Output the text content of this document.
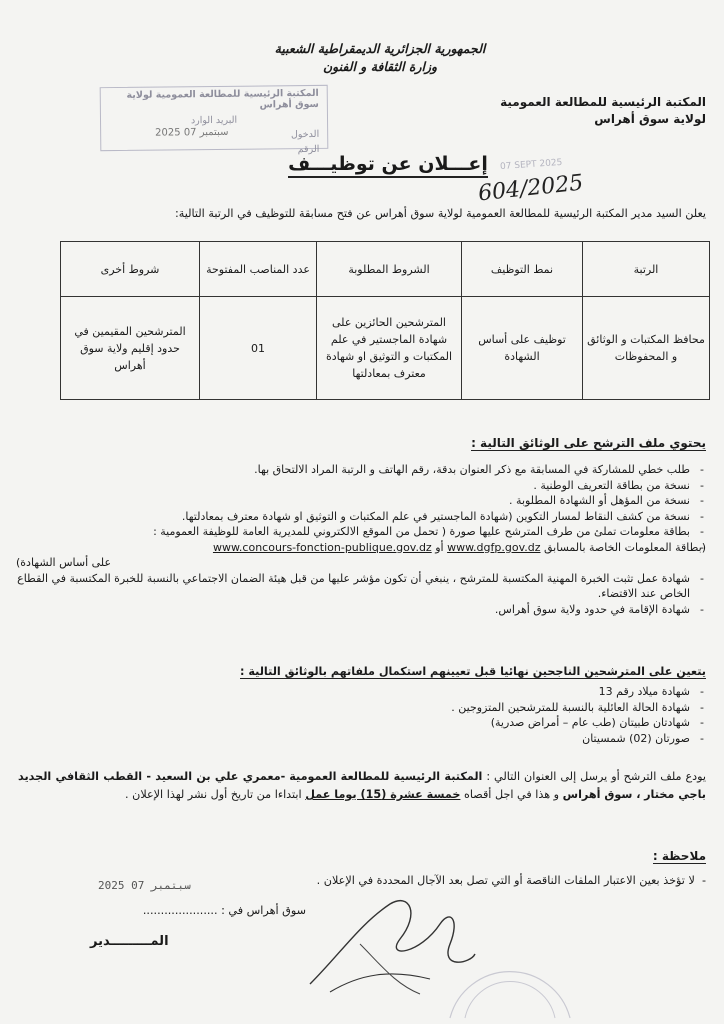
الجمهورية الجزائرية الديمقراطية الشعبية
وزارة الثقافة و الفنون
المكتبة الرئيسية للمطالعة العمومية
لولاية سوق أهراس
المكتبة الرئيسية للمطالعة العمومية لولاية سوق أهراس
البريد الوارد
الدخول
الرقم
2025 سبتمبر 07
07 SEPT 2025
إعـــلان عن توظيـــف
604/2025
يعلن السيد مدير المكتبة الرئيسية للمطالعة العمومية لولاية سوق أهراس عن فتح مسابقة للتوظيف في الرتبة التالية:
الرتبة	نمط التوظيف	الشروط المطلوبة	عدد المناصب المفتوحة	شروط أخرى
محافظ المكتبات و الوثائق و المحفوظات	توظيف على أساس الشهادة	المترشحين الحائزين على شهادة الماجستير في علم المكتبات و التوثيق او شهادة معترف بمعادلتها	01	المترشحين المقيمين في حدود إقليم ولاية سوق أهراس
يحتوي ملف الترشح على الوثائق التالية :
- طلب خطي للمشاركة في المسابقة مع ذكر العنوان بدقة، رقم الهاتف و الرتبة المراد الالتحاق بها.
- نسخة من بطاقة التعريف الوطنية .
- نسخة من المؤهل أو الشهادة المطلوبة .
- نسخة من كشف النقاط لمسار التكوين (شهادة الماجستير في علم المكتبات و التوثيق او شهادة معترف بمعادلتها.
- بطاقة معلومات تملئ من طرف المترشح عليها صورة ( تحمل من الموقع الالكتروني للمديرية العامة للوظيفة العمومية :
- (بطاقة المعلومات الخاصة بالمسابق www.dgfp.gov.dz أو www.concours-fonction-publique.gov.dz
على أساس الشهادة)
- شهادة عمل تثبت الخبرة المهنية المكتسبة للمترشح ، ينبغي أن تكون مؤشر عليها من قبل هيئة الضمان الاجتماعي بالنسبة للخبرة المكتسبة في القطاع الخاص عند الاقتضاء.
- شهادة الإقامة في حدود ولاية سوق أهراس.
يتعين على المترشحين الناجحين نهائيا قبل تعيينهم استكمال ملفاتهم بالوثائق التالية :
- شهادة ميلاد رقم 13
- شهادة الحالة العائلية بالنسبة للمترشحين المتزوجين .
- شهادتان طبيتان (طب عام – أمراض صدرية)
- صورتان (02) شمسيتان
يودع ملف الترشح أو يرسل إلى العنوان التالي : المكتبة الرئيسية للمطالعة العمومية -معمري علي بن السعيد - القطب الثقافي الجديد باجي مختار ، سوق أهراس و هذا في اجل أقصاه خمسة عشرة (15) يوما عمل ابتداءا من تاريخ أول نشر لهذا الإعلان .
ملاحظة :
-  لا تؤخذ بعين الاعتبار الملفات الناقصة أو التي تصل بعد الآجال المحددة في الإعلان .
2025 سبتمبر 07
سوق أهراس في : .....................
المـــــــــدير
